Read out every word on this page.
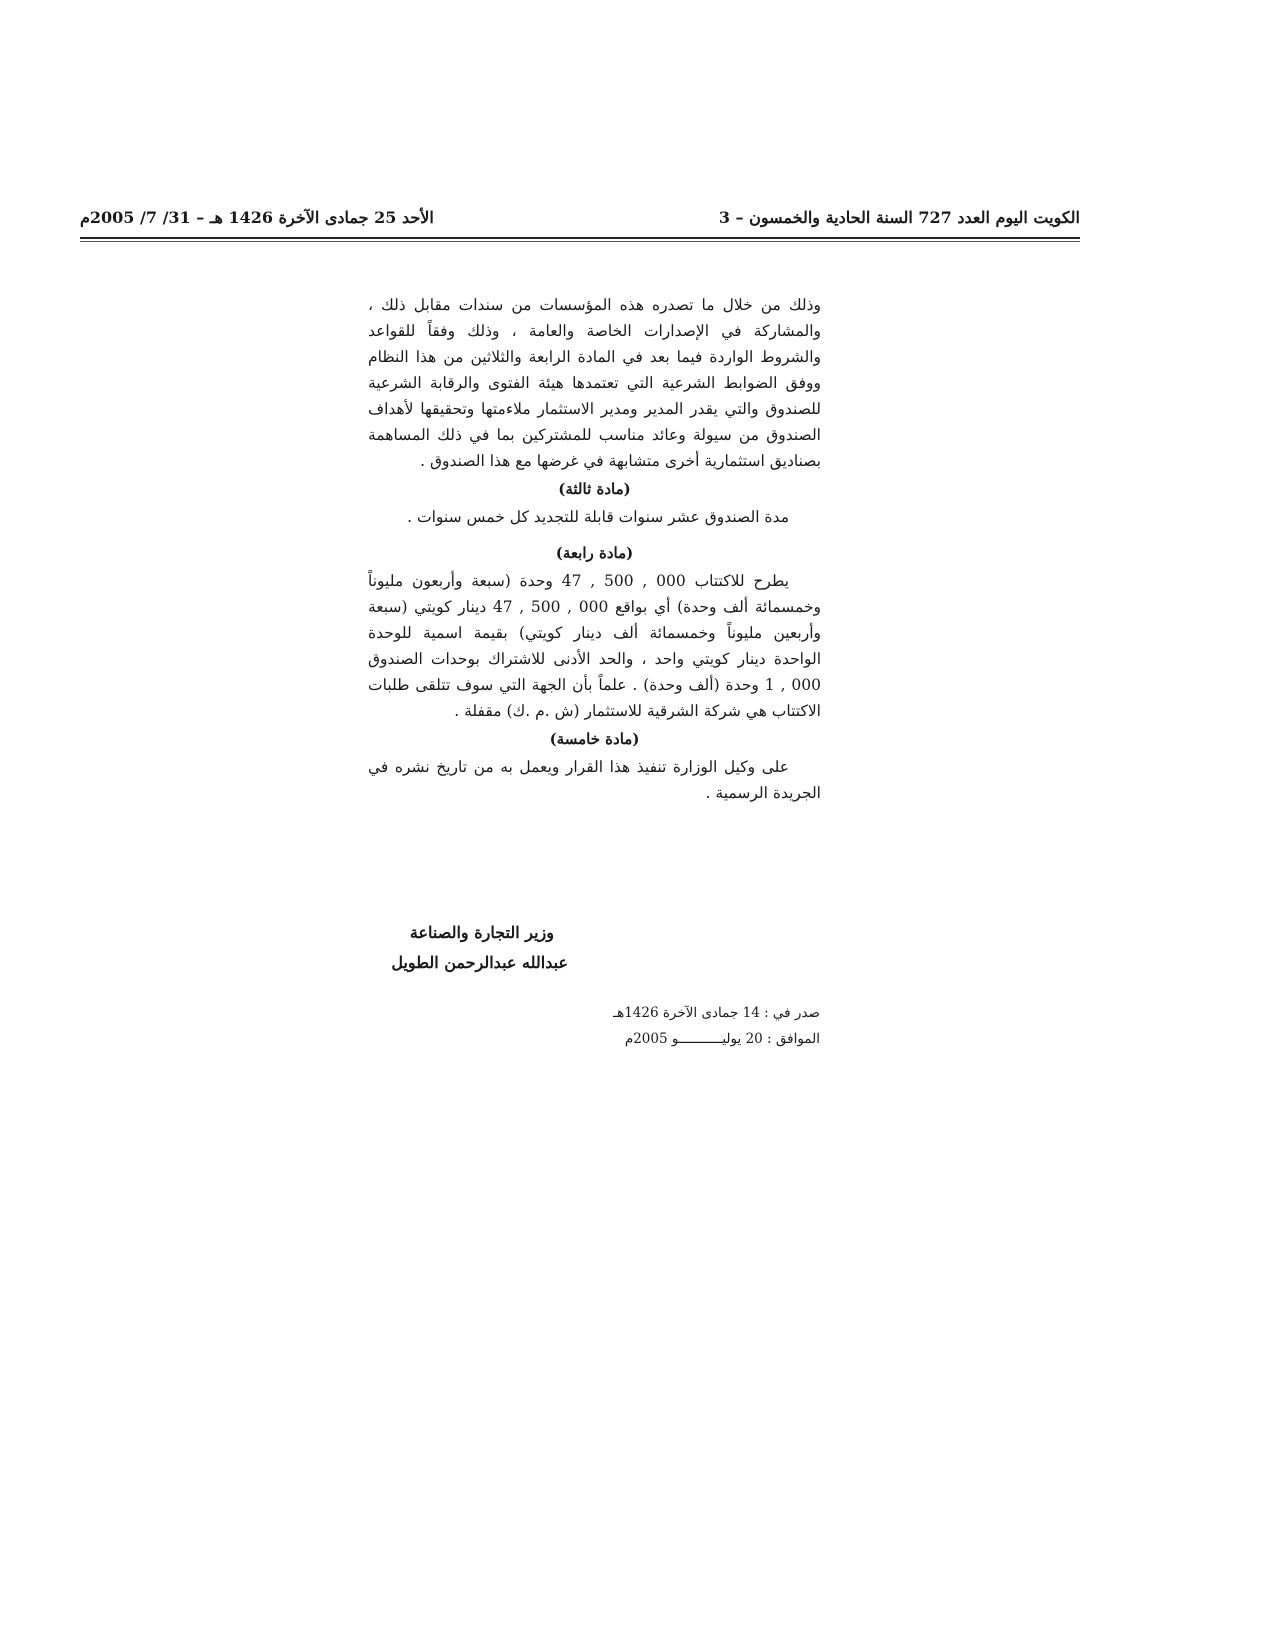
الكويت اليوم العدد 727 السنة الحادية والخمسون – 3
الأحد 25 جمادى الآخرة 1426 هـ – 31/ 7/ 2005م

وذلك من خلال ما تصدره هذه المؤسسات من سندات مقابل ذلك ، والمشاركة في الإصدارات الخاصة والعامة ، وذلك وفقاً للقواعد والشروط الواردة فيما بعد في المادة الرابعة والثلاثين من هذا النظام ووفق الضوابط الشرعية التي تعتمدها هيئة الفتوى والرقابة الشرعية للصندوق والتي يقدر المدير ومدير الاستثمار ملاءمتها وتحقيقها لأهداف الصندوق من سيولة وعائد مناسب للمشتركين بما في ذلك المساهمة بصناديق استثمارية أخرى متشابهة في غرضها مع هذا الصندوق .

(مادة ثالثة)

مدة الصندوق عشر سنوات قابلة للتجديد كل خمس سنوات .

(مادة رابعة)

يطرح للاكتتاب 000 , 500 , 47 وحدة (سبعة وأربعون مليوناً وخمسمائة ألف وحدة) أي بواقع 000 , 500 , 47 دينار كويتي (سبعة وأربعين مليوناً وخمسمائة ألف دينار كويتي) بقيمة اسمية للوحدة الواحدة دينار كويتي واحد ، والحد الأدنى للاشتراك بوحدات الصندوق 000 , 1 وحدة (ألف وحدة) . علماً بأن الجهة التي سوف تتلقى طلبات الاكتتاب هي شركة الشرقية للاستثمار (ش .م .ك) مقفلة .

(مادة خامسة)

على وكيل الوزارة تنفيذ هذا القرار ويعمل به من تاريخ نشره في الجريدة الرسمية .

وزير التجارة والصناعة
عبدالله عبدالرحمن الطويل
صدر في : 14 جمادى الآخرة 1426هـ
الموافق : 20 يوليـــــــــــو 2005م
